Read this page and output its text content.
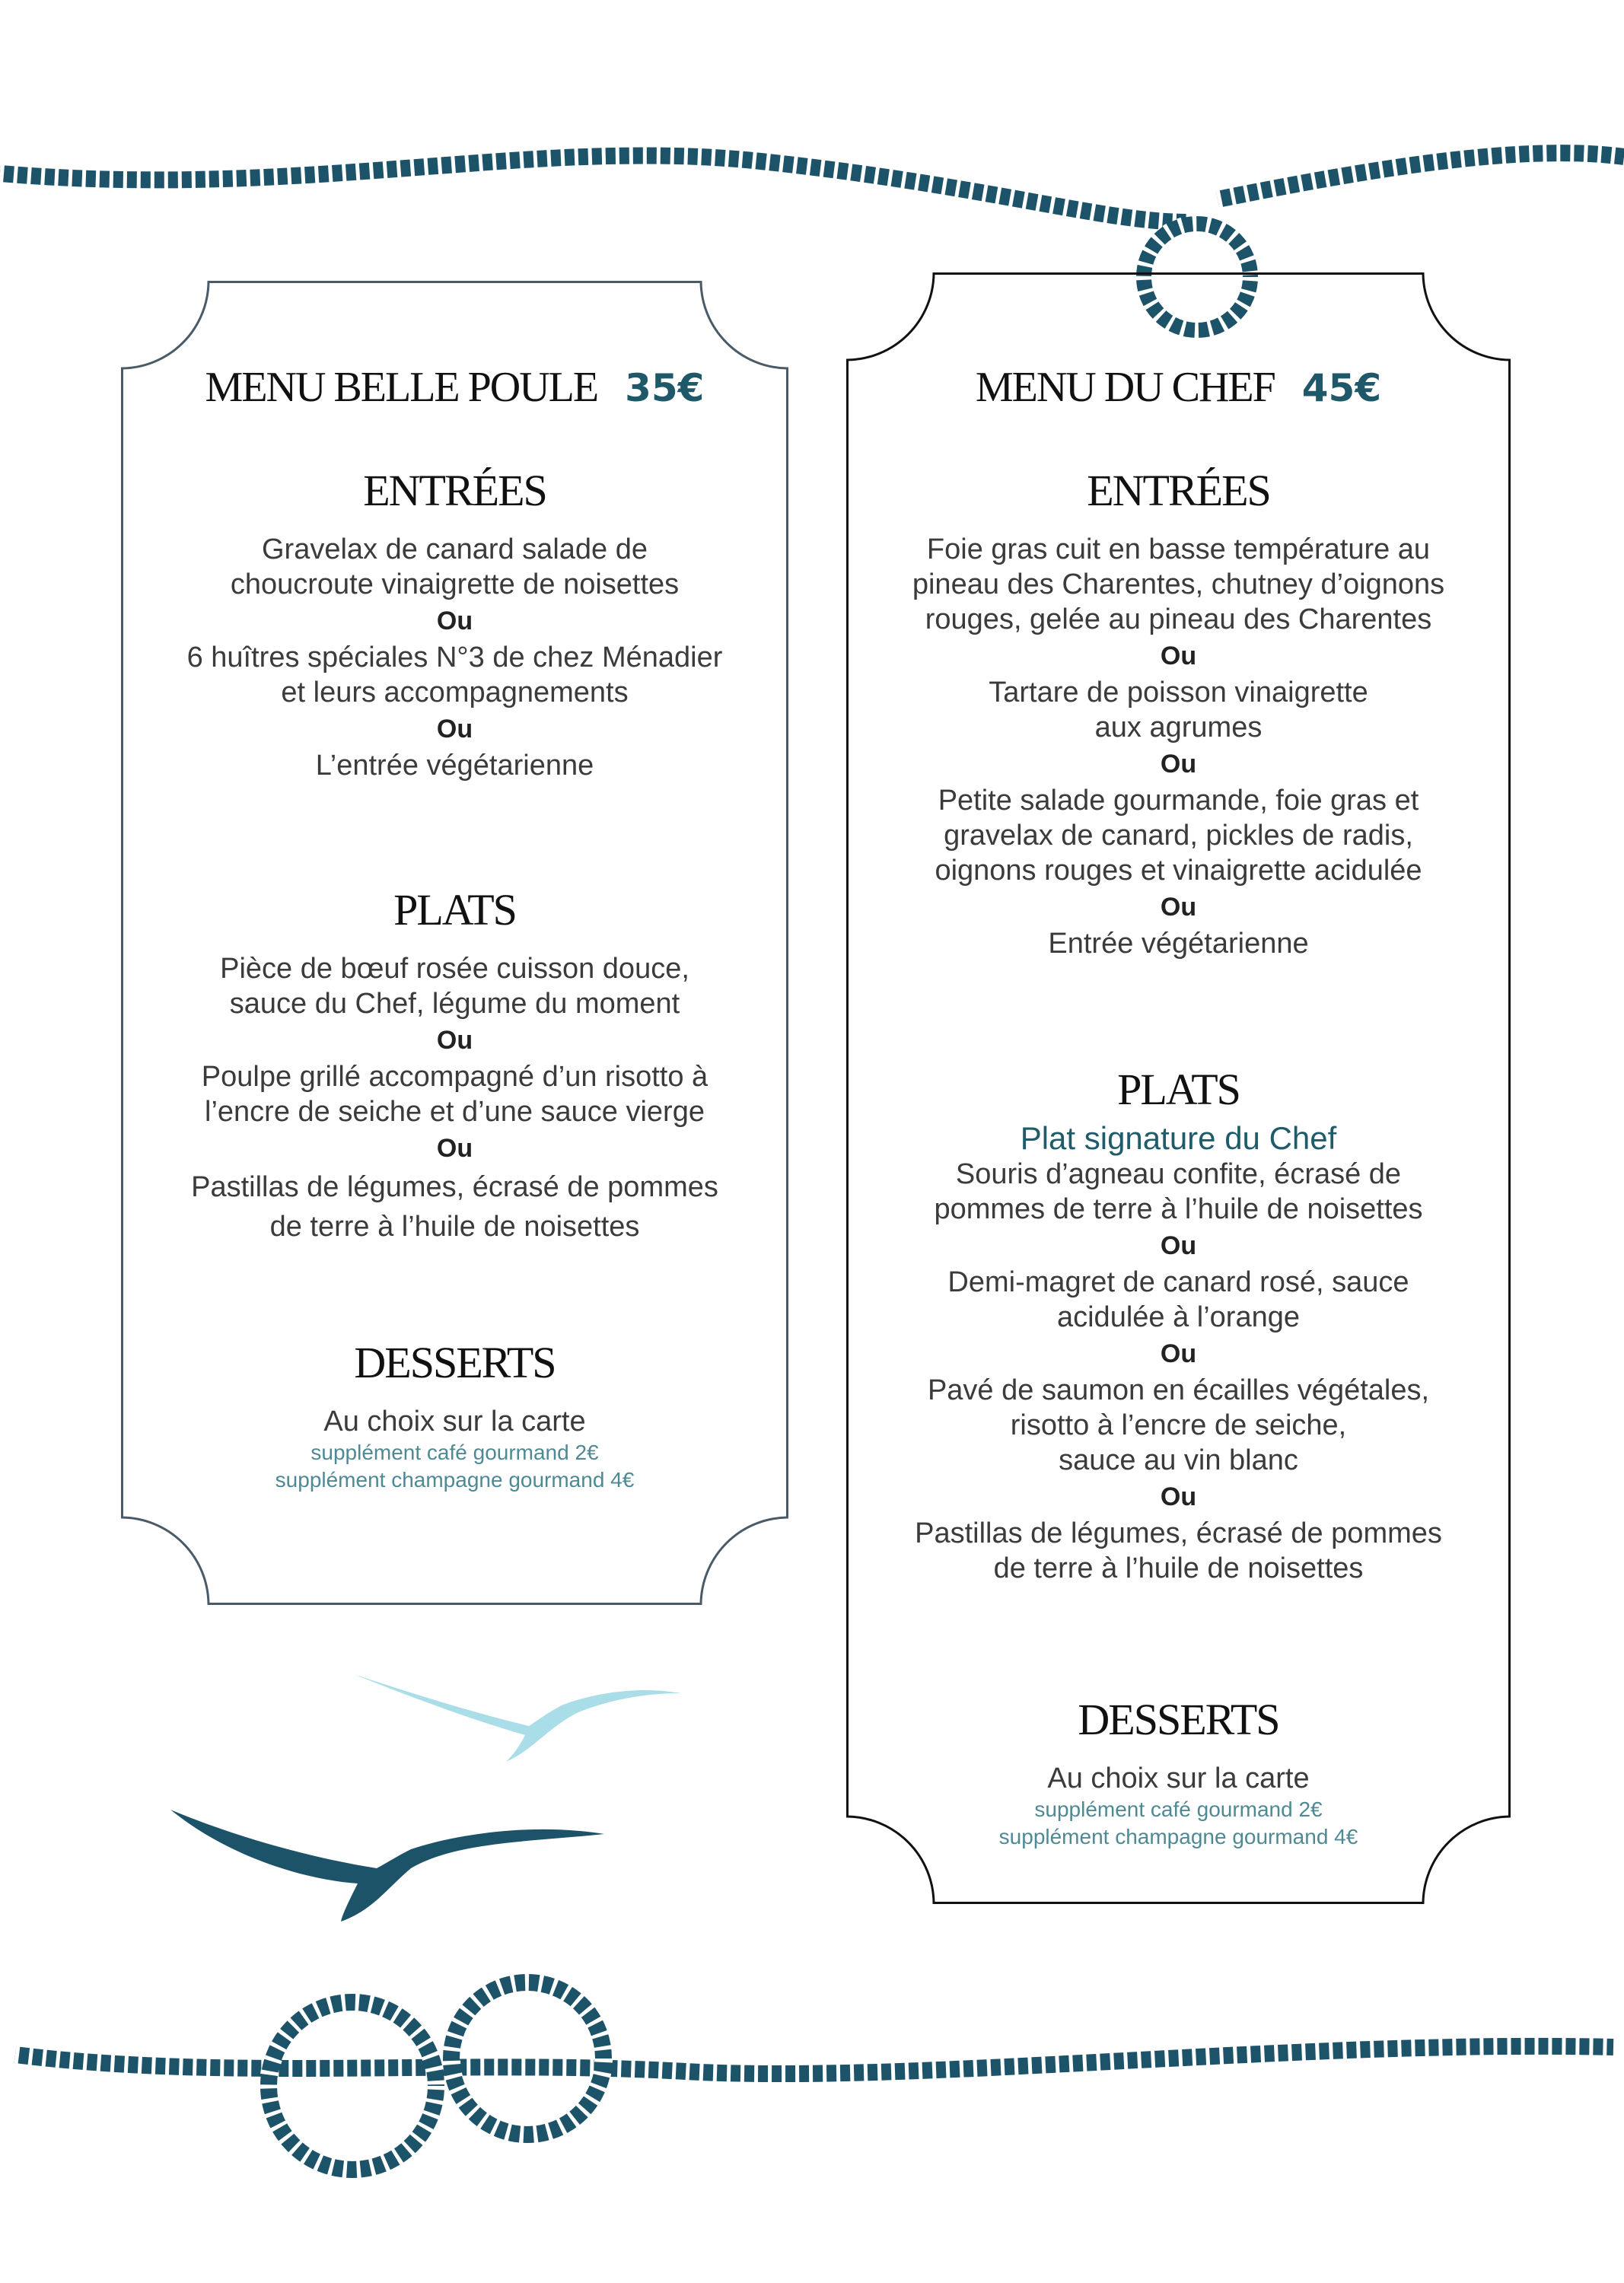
MENU BELLE POULE 35€
ENTRÉES
Gravelax de canard salade de
choucroute vinaigrette de noisettes
Ou
6 huîtres spéciales N°3 de chez Ménadier
et leurs accompagnements
Ou
L’entrée végétarienne
PLATS
Pièce de bœuf rosée cuisson douce,
sauce du Chef, légume du moment
Ou
Poulpe grillé accompagné d’un risotto à
l’encre de seiche et d’une sauce vierge
Ou
Pastillas de légumes, écrasé de pommes
de terre à l’huile de noisettes
DESSERTS
Au choix sur la carte
supplément café gourmand 2€
supplément champagne gourmand 4€
MENU DU CHEF 45€
ENTRÉES
Foie gras cuit en basse température au
pineau des Charentes, chutney d’oignons
rouges, gelée au pineau des Charentes
Ou
Tartare de poisson vinaigrette
aux agrumes
Ou
Petite salade gourmande, foie gras et
gravelax de canard, pickles de radis,
oignons rouges et vinaigrette acidulée
Ou
Entrée végétarienne
PLATS
Plat signature du Chef
Souris d’agneau confite, écrasé de
pommes de terre à l’huile de noisettes
Ou
Demi-magret de canard rosé, sauce
acidulée à l’orange
Ou
Pavé de saumon en écailles végétales,
risotto à l’encre de seiche,
sauce au vin blanc
Ou
Pastillas de légumes, écrasé de pommes
de terre à l’huile de noisettes
DESSERTS
Au choix sur la carte
supplément café gourmand 2€
supplément champagne gourmand 4€
